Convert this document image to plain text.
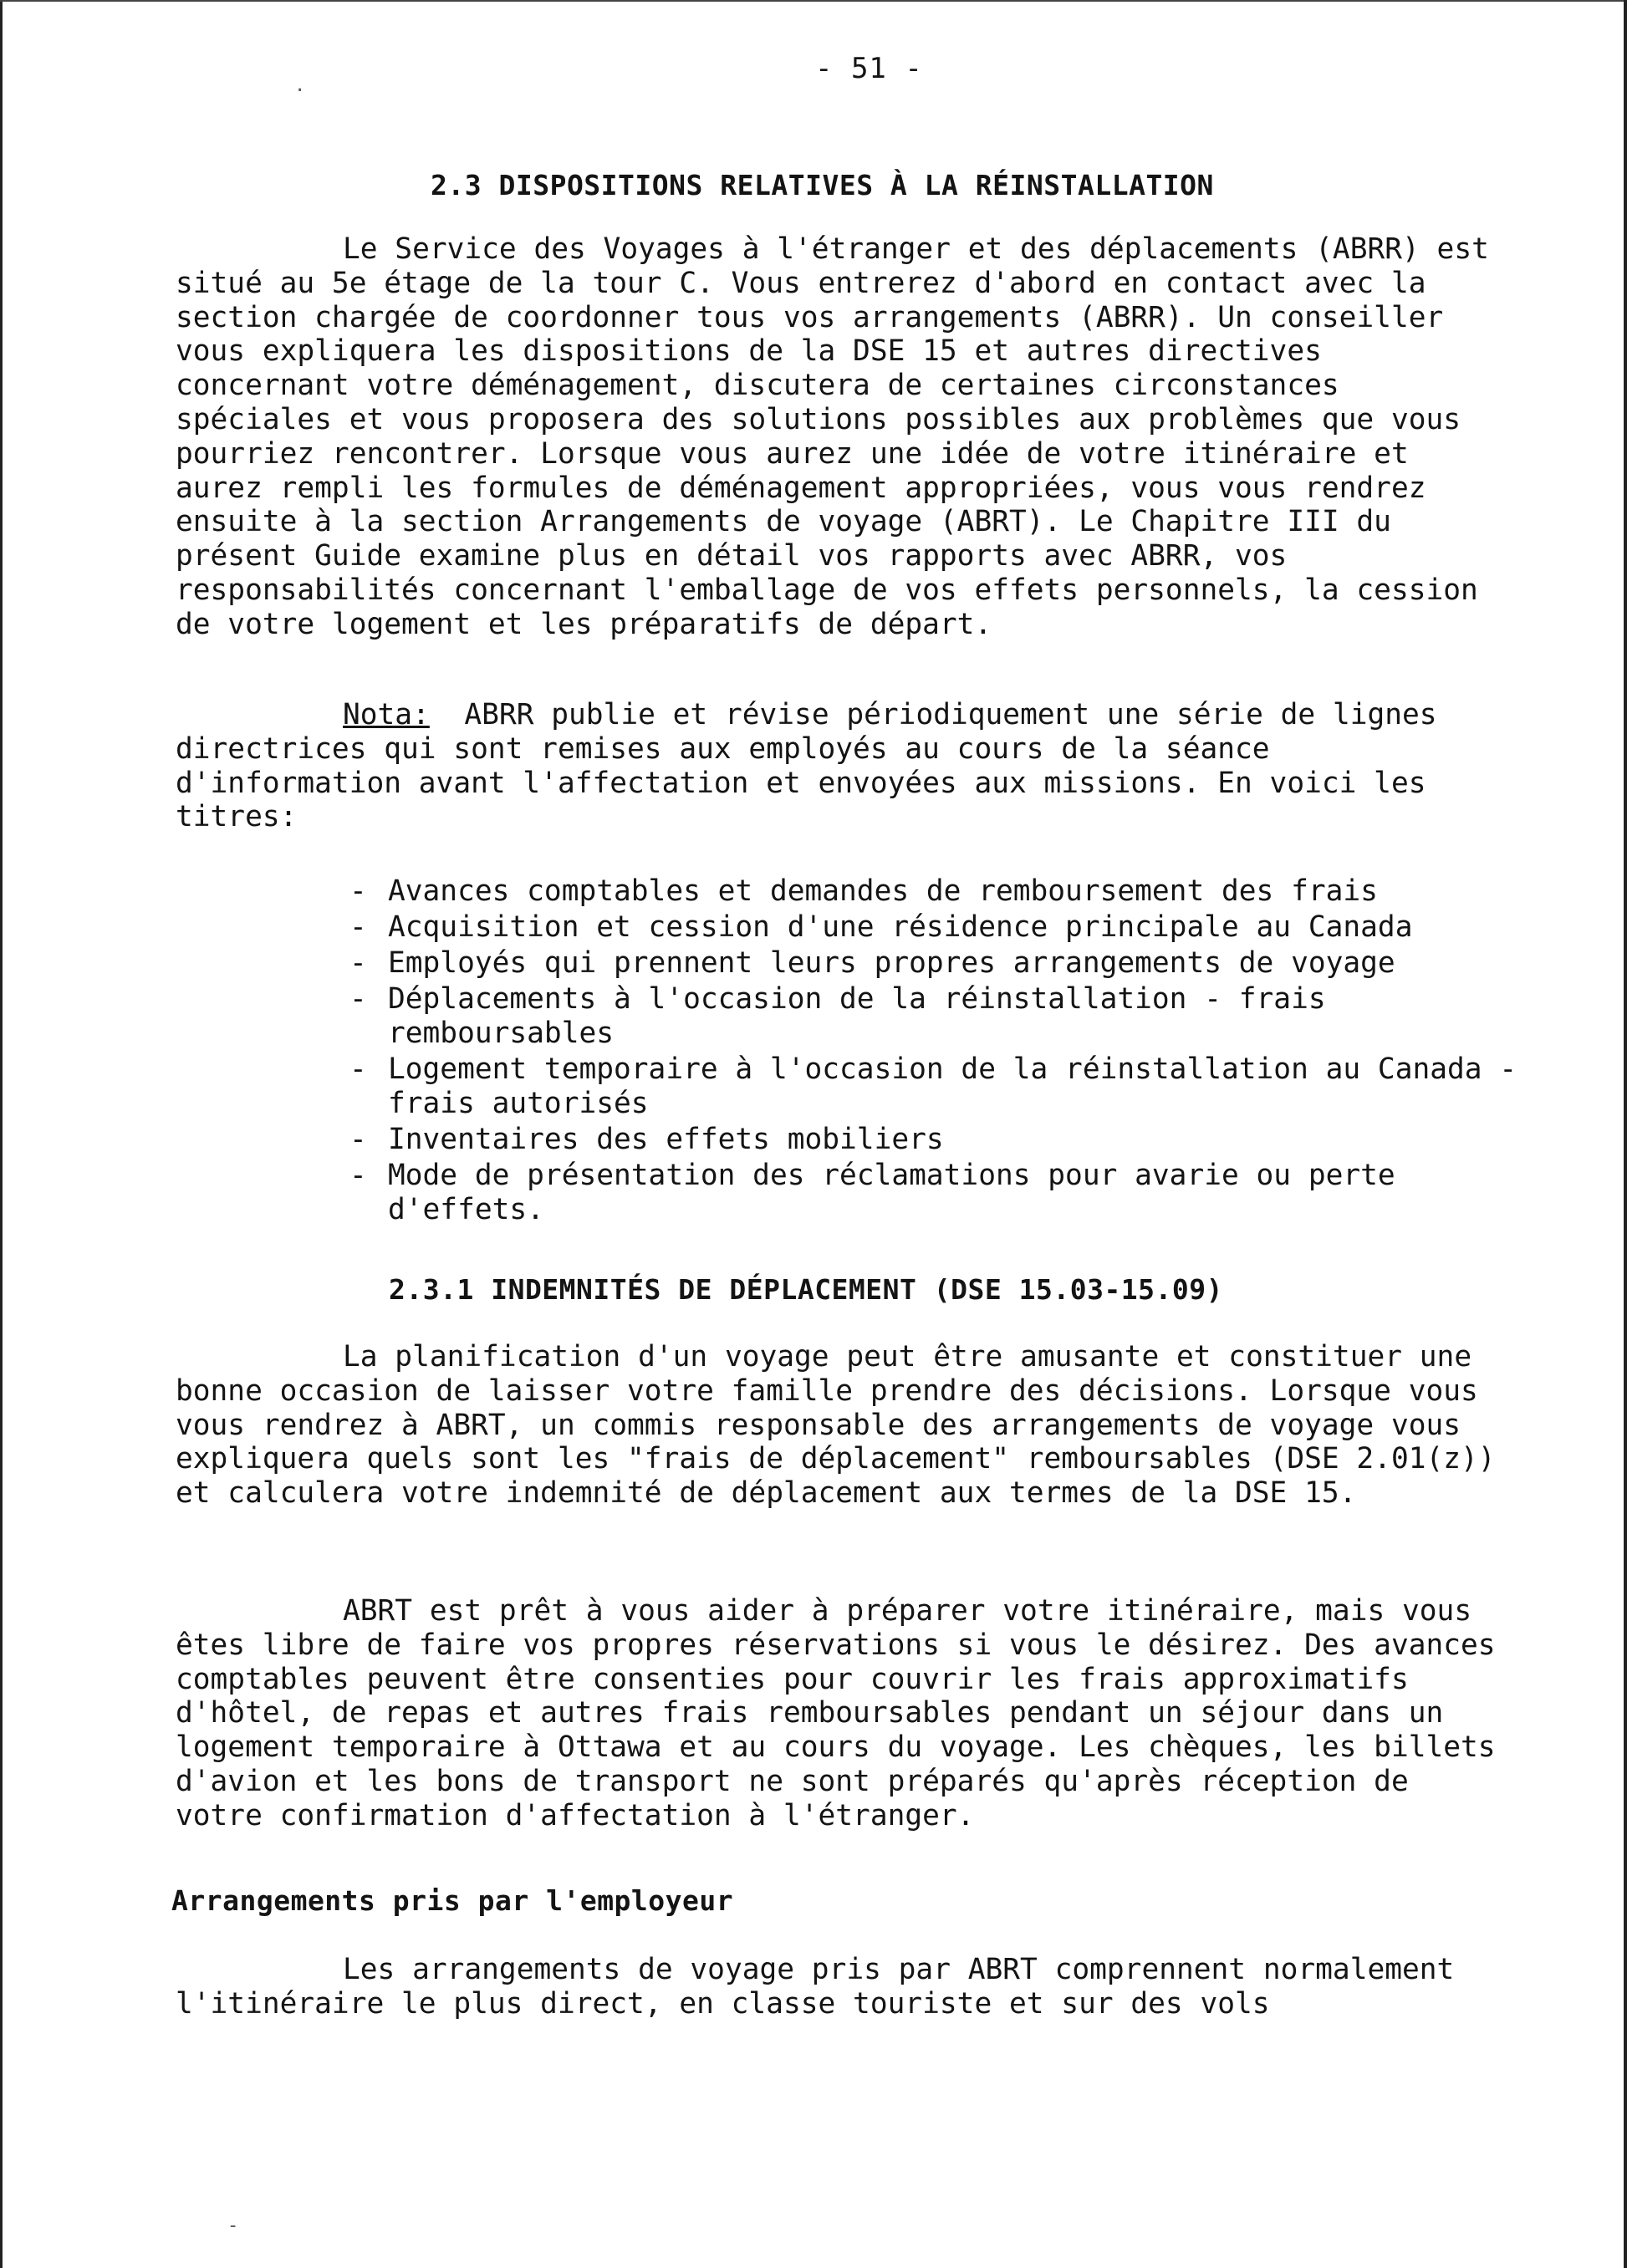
- 51 -
2.3 DISPOSITIONS RELATIVES À LA RÉINSTALLATION

Le Service des Voyages à l'étranger et des déplacements (ABRR) est situé au 5e étage de la tour C. Vous entrerez d'abord en contact avec la section chargée de coordonner tous vos arrangements (ABRR). Un conseiller vous expliquera les dispositions de la DSE 15 et autres directives concernant votre déménagement, discutera de certaines circonstances spéciales et vous proposera des solutions possibles aux problèmes que vous pourriez rencontrer. Lorsque vous aurez une idée de votre itinéraire et aurez rempli les formules de déménagement appropriées, vous vous rendrez ensuite à la section Arrangements de voyage (ABRT). Le Chapitre III du présent Guide examine plus en détail vos rapports avec ABRR, vos responsabilités concernant l'emballage de vos effets personnels, la cession de votre logement et les préparatifs de départ.

Nota: ABRR publie et révise périodiquement une série de lignes directrices qui sont remises aux employés au cours de la séance d'information avant l'affectation et envoyées aux missions. En voici les titres:

- Avances comptables et demandes de remboursement des frais
- Acquisition et cession d'une résidence principale au Canada
- Employés qui prennent leurs propres arrangements de voyage
- Déplacements à l'occasion de la réinstallation - frais remboursables
- Logement temporaire à l'occasion de la réinstallation au Canada - frais autorisés
- Inventaires des effets mobiliers
- Mode de présentation des réclamations pour avarie ou perte d'effets.
2.3.1 INDEMNITÉS DE DÉPLACEMENT (DSE 15.03-15.09)

La planification d'un voyage peut être amusante et constituer une bonne occasion de laisser votre famille prendre des décisions. Lorsque vous vous rendrez à ABRT, un commis responsable des arrangements de voyage vous expliquera quels sont les "frais de déplacement" remboursables (DSE 2.01(z)) et calculera votre indemnité de déplacement aux termes de la DSE 15.

ABRT est prêt à vous aider à préparer votre itinéraire, mais vous êtes libre de faire vos propres réservations si vous le désirez. Des avances comptables peuvent être consenties pour couvrir les frais approximatifs d'hôtel, de repas et autres frais remboursables pendant un séjour dans un logement temporaire à Ottawa et au cours du voyage. Les chèques, les billets d'avion et les bons de transport ne sont préparés qu'après réception de votre confirmation d'affectation à l'étranger.

Arrangements pris par l'employeur

Les arrangements de voyage pris par ABRT comprennent normalement l'itinéraire le plus direct, en classe touriste et sur des vols

·
-
